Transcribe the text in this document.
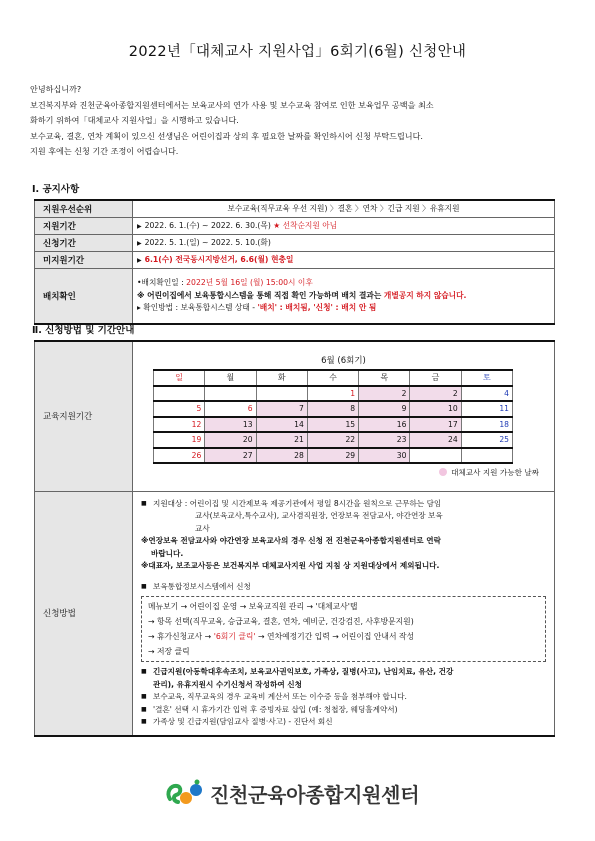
2022년「대체교사 지원사업」6회기(6월) 신청안내
안녕하십니까?
보건복지부와 진천군육아종합지원센터에서는 보육교사의 연가 사용 및 보수교육 참여로 인한 보육업무 공백을 최소
화하기 위하여「대체교사 지원사업」을 시행하고 있습니다.
보수교육, 결혼, 연차 계획이 있으신 선생님은 어린이집과 상의 후 필요한 날짜를 확인하시어 신청 부탁드립니다.
지원 후에는 신청 기간 조정이 어렵습니다.
Ⅰ. 공지사항
지원우선순위	보수교육(직무교육 우선 지원) 〉결혼 〉연차 〉긴급 지원 〉유휴지원
지원기간	▶ 2022. 6. 1.(수) ~ 2022. 6. 30.(목) ★ 선착순지원 아님
신청기간	▶ 2022. 5. 1.(일) ~ 2022. 5. 10.(화)
미지원기간	▶ 6.1(수) 전국동시지방선거, 6.6(월) 현충일
배치확인	•배치확인일 : 2022년 5월 16일 (월) 15:00시 이후
※ 어린이집에서 보육통합시스템을 통해 직접 확인 가능하며 배치 결과는 개별공지 하지 않습니다.
▸ 확인방법 : 보육통합시스템 상태 - '배치' : 배치됨, '신청' : 배치 안 됨
Ⅱ. 신청방법 및 기간안내
교육지원기간	
6월 (6회기)
일	월	화	수	목	금	토
			1	2	2	4
5	6	7	8	9	10	11
12	13	14	15	16	17	18
19	20	21	22	23	24	25
26	27	28	29	30		
대체교사 지원 가능한 날짜

신청방법	
■ 지원대상 : 어린이집 및 시간제보육 제공기관에서 평일 8시간을 원칙으로 근무하는 담임
교사(보육교사,특수교사), 교사겸직원장, 연장보육 전담교사, 야간연장 보육
교사
※연장보육 전담교사와 야간연장 보육교사의 경우 신청 전 진천군육아종합지원센터로 연락
바랍니다.
※대표자, 보조교사등은 보건복지부 대체교사지원 사업 지침 상 지원대상에서 제외됩니다.
■ 보육통합정보시스템에서 신청
메뉴보기 → 어린이집 운영 → 보육교직원 관리 → '대체교사'탭
→ 항목 선택(직무교육, 승급교육, 결혼, 연차, 예비군, 건강검진, 사후방문지원)
→ 휴가신청교사 → '6회기 클릭' → 연차예정기간 입력 → 어린이집 안내서 작성
→ 저장 클릭
■ 긴급지원(아동학대후속조치, 보육교사권익보호, 가족상, 질병(사고), 난임치료, 유산, 건강
관리), 유휴지원시 수기신청서 작성하여 신청
■ 보수교육, 직무교육의 경우 교육비 계산서 또는 이수증 등을 첨부해야 합니다.
■ '결혼' 선택 시 휴가기간 입력 후 증빙자료 삽입 (예: 청첩장, 웨딩홀계약서)
■ 가족상 및 긴급지원(담임교사 질병·사고) - 진단서 회신
진천군육아종합지원센터
